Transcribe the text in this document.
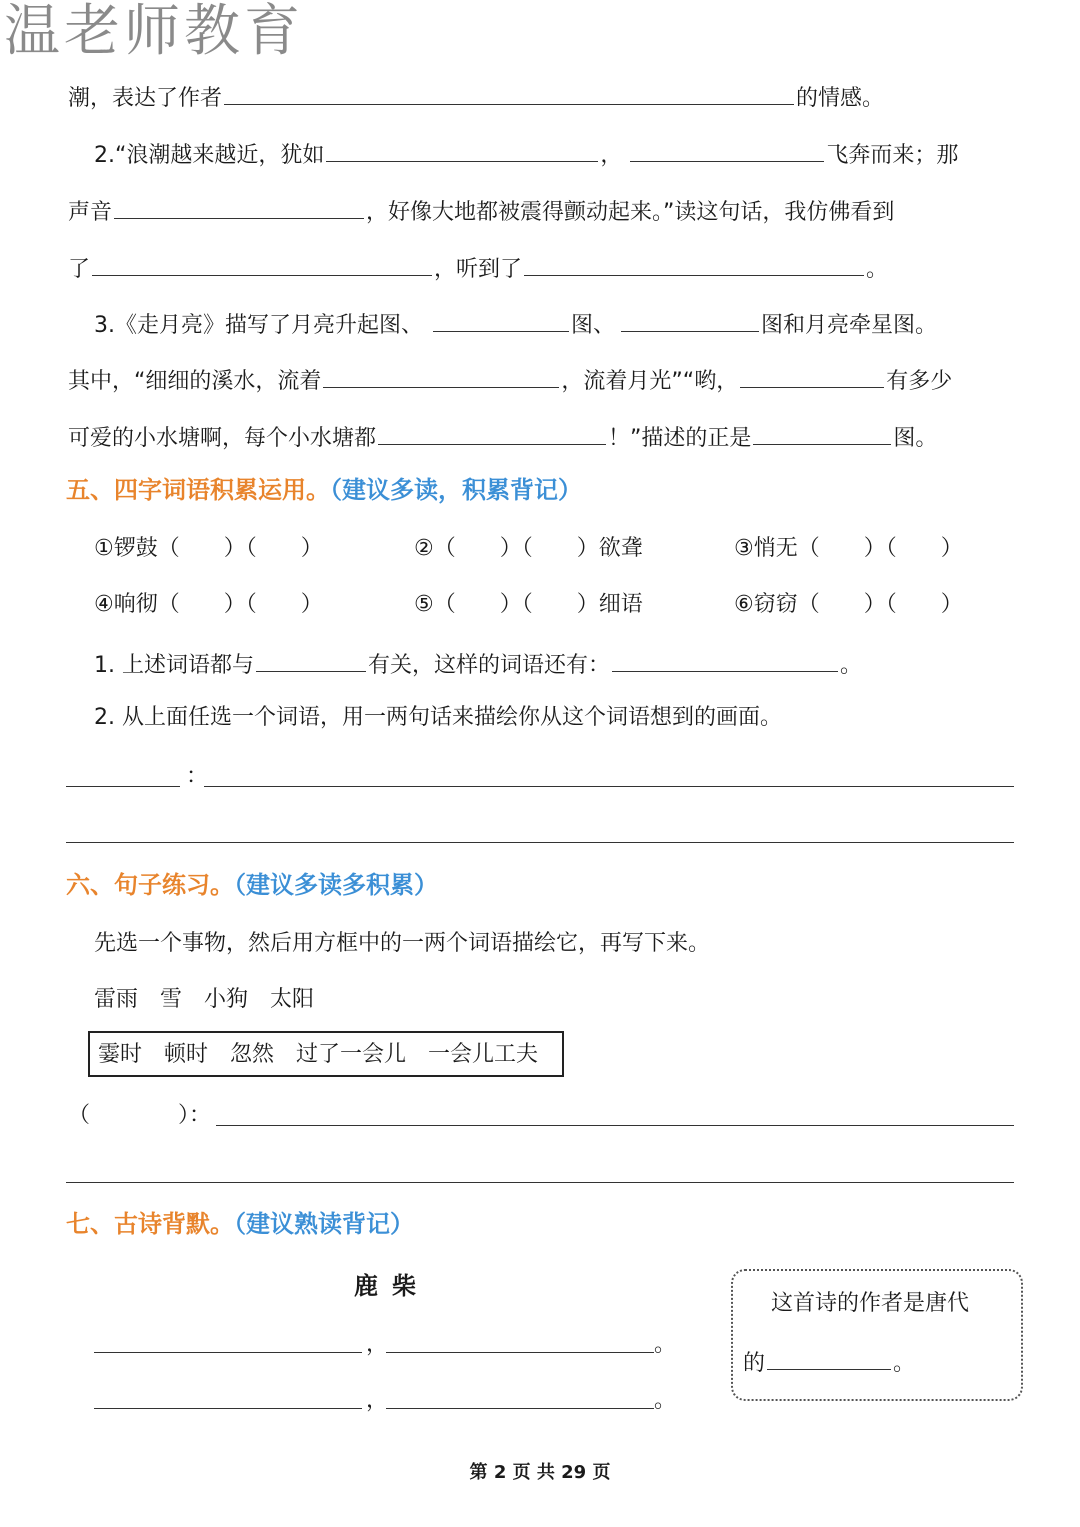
温老师教育
潮，表达了作者	的情感。
2.“浪潮越来越近，犹如	，	飞奔而来；那
声音	，好像大地都被震得颤动起来。”读这句话，我仿佛看到
了	，听到了	。
3.《走月亮》描写了月亮升起图、	图、	图和月亮牵星图。
其中，“细细的溪水，流着	，流着月光”“哟，	有多少
可爱的小水塘啊，每个小水塘都	！”描述的正是	图。
五、四字词语积累运用。（建议多读，积累背记）
①锣鼓（　　）（　　）	②（　　）（　　）欲聋	③悄无（　　）（　　）
④响彻（　　）（　　）	⑤（　　）（　　）细语	⑥窃窃（　　）（　　）
1. 上述词语都与	有关，这样的词语还有：	。
2. 从上面任选一个词语，用一两句话来描绘你从这个词语想到的画面。
：
六、句子练习。（建议多读多积累）
先选一个事物，然后用方框中的一两个词语描绘它，再写下来。
雷雨　雪　小狗　太阳
霎时　顿时　忽然　过了一会儿　一会儿工夫
（　　　　）：
七、古诗背默。（建议熟读背记）
鹿柴
，	。
，	。
这首诗的作者是唐代
的	。
第 2 页 共 29 页
